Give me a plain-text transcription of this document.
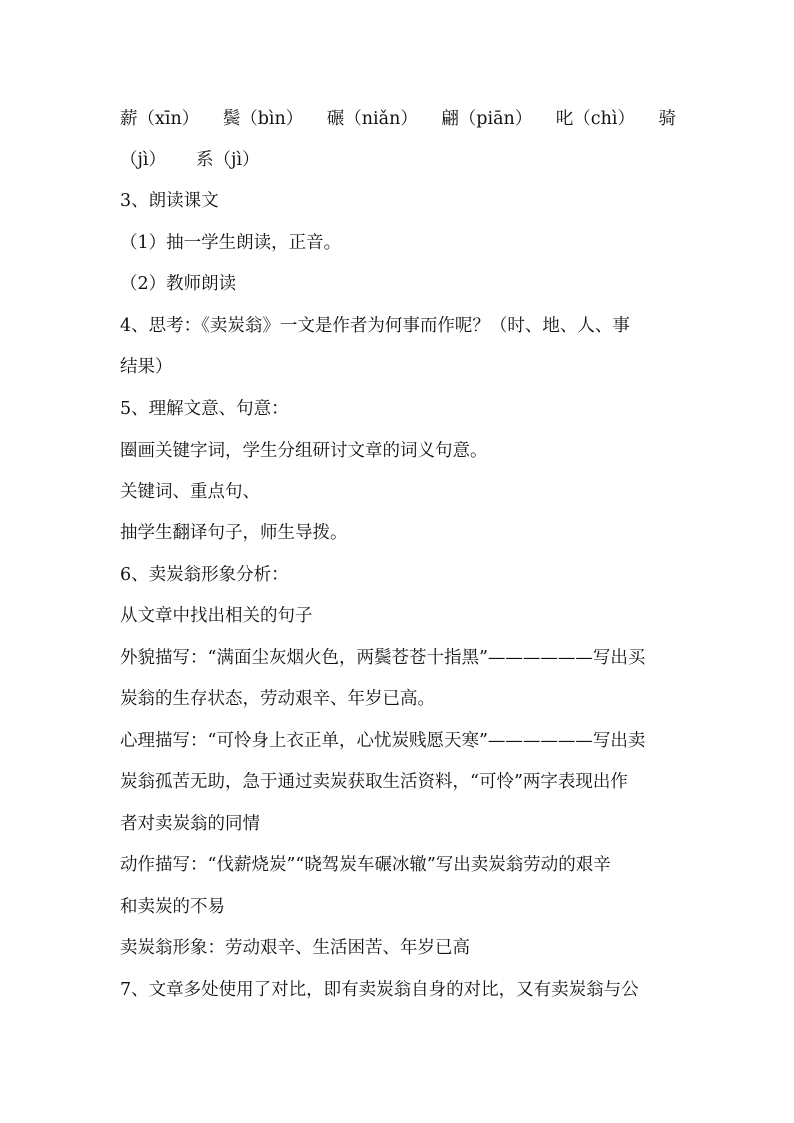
薪（xīn） 鬓（bìn） 碾（niǎn） 翩（piān） 叱（chì） 骑
（jì） 系（jì）
3、朗读课文
（1）抽一学生朗读，正音。
（2）教师朗读
4、思考：《卖炭翁》一文是作者为何事而作呢？（时、地、人、事
结果）
5、理解文意、句意：
圈画关键字词，学生分组研讨文章的词义句意。
关键词、重点句、
抽学生翻译句子，师生导拨。
6、卖炭翁形象分析：
从文章中找出相关的句子
外貌描写：“满面尘灰烟火色，两鬓苍苍十指黑”——————写出买
炭翁的生存状态，劳动艰辛、年岁已高。
心理描写：“可怜身上衣正单，心忧炭贱愿天寒”——————写出卖
炭翁孤苦无助，急于通过卖炭获取生活资料，“可怜”两字表现出作
者对卖炭翁的同情
动作描写：“伐薪烧炭”“晓驾炭车碾冰辙”写出卖炭翁劳动的艰辛
和卖炭的不易
卖炭翁形象：劳动艰辛、生活困苦、年岁已高
7、文章多处使用了对比，即有卖炭翁自身的对比，又有卖炭翁与公
